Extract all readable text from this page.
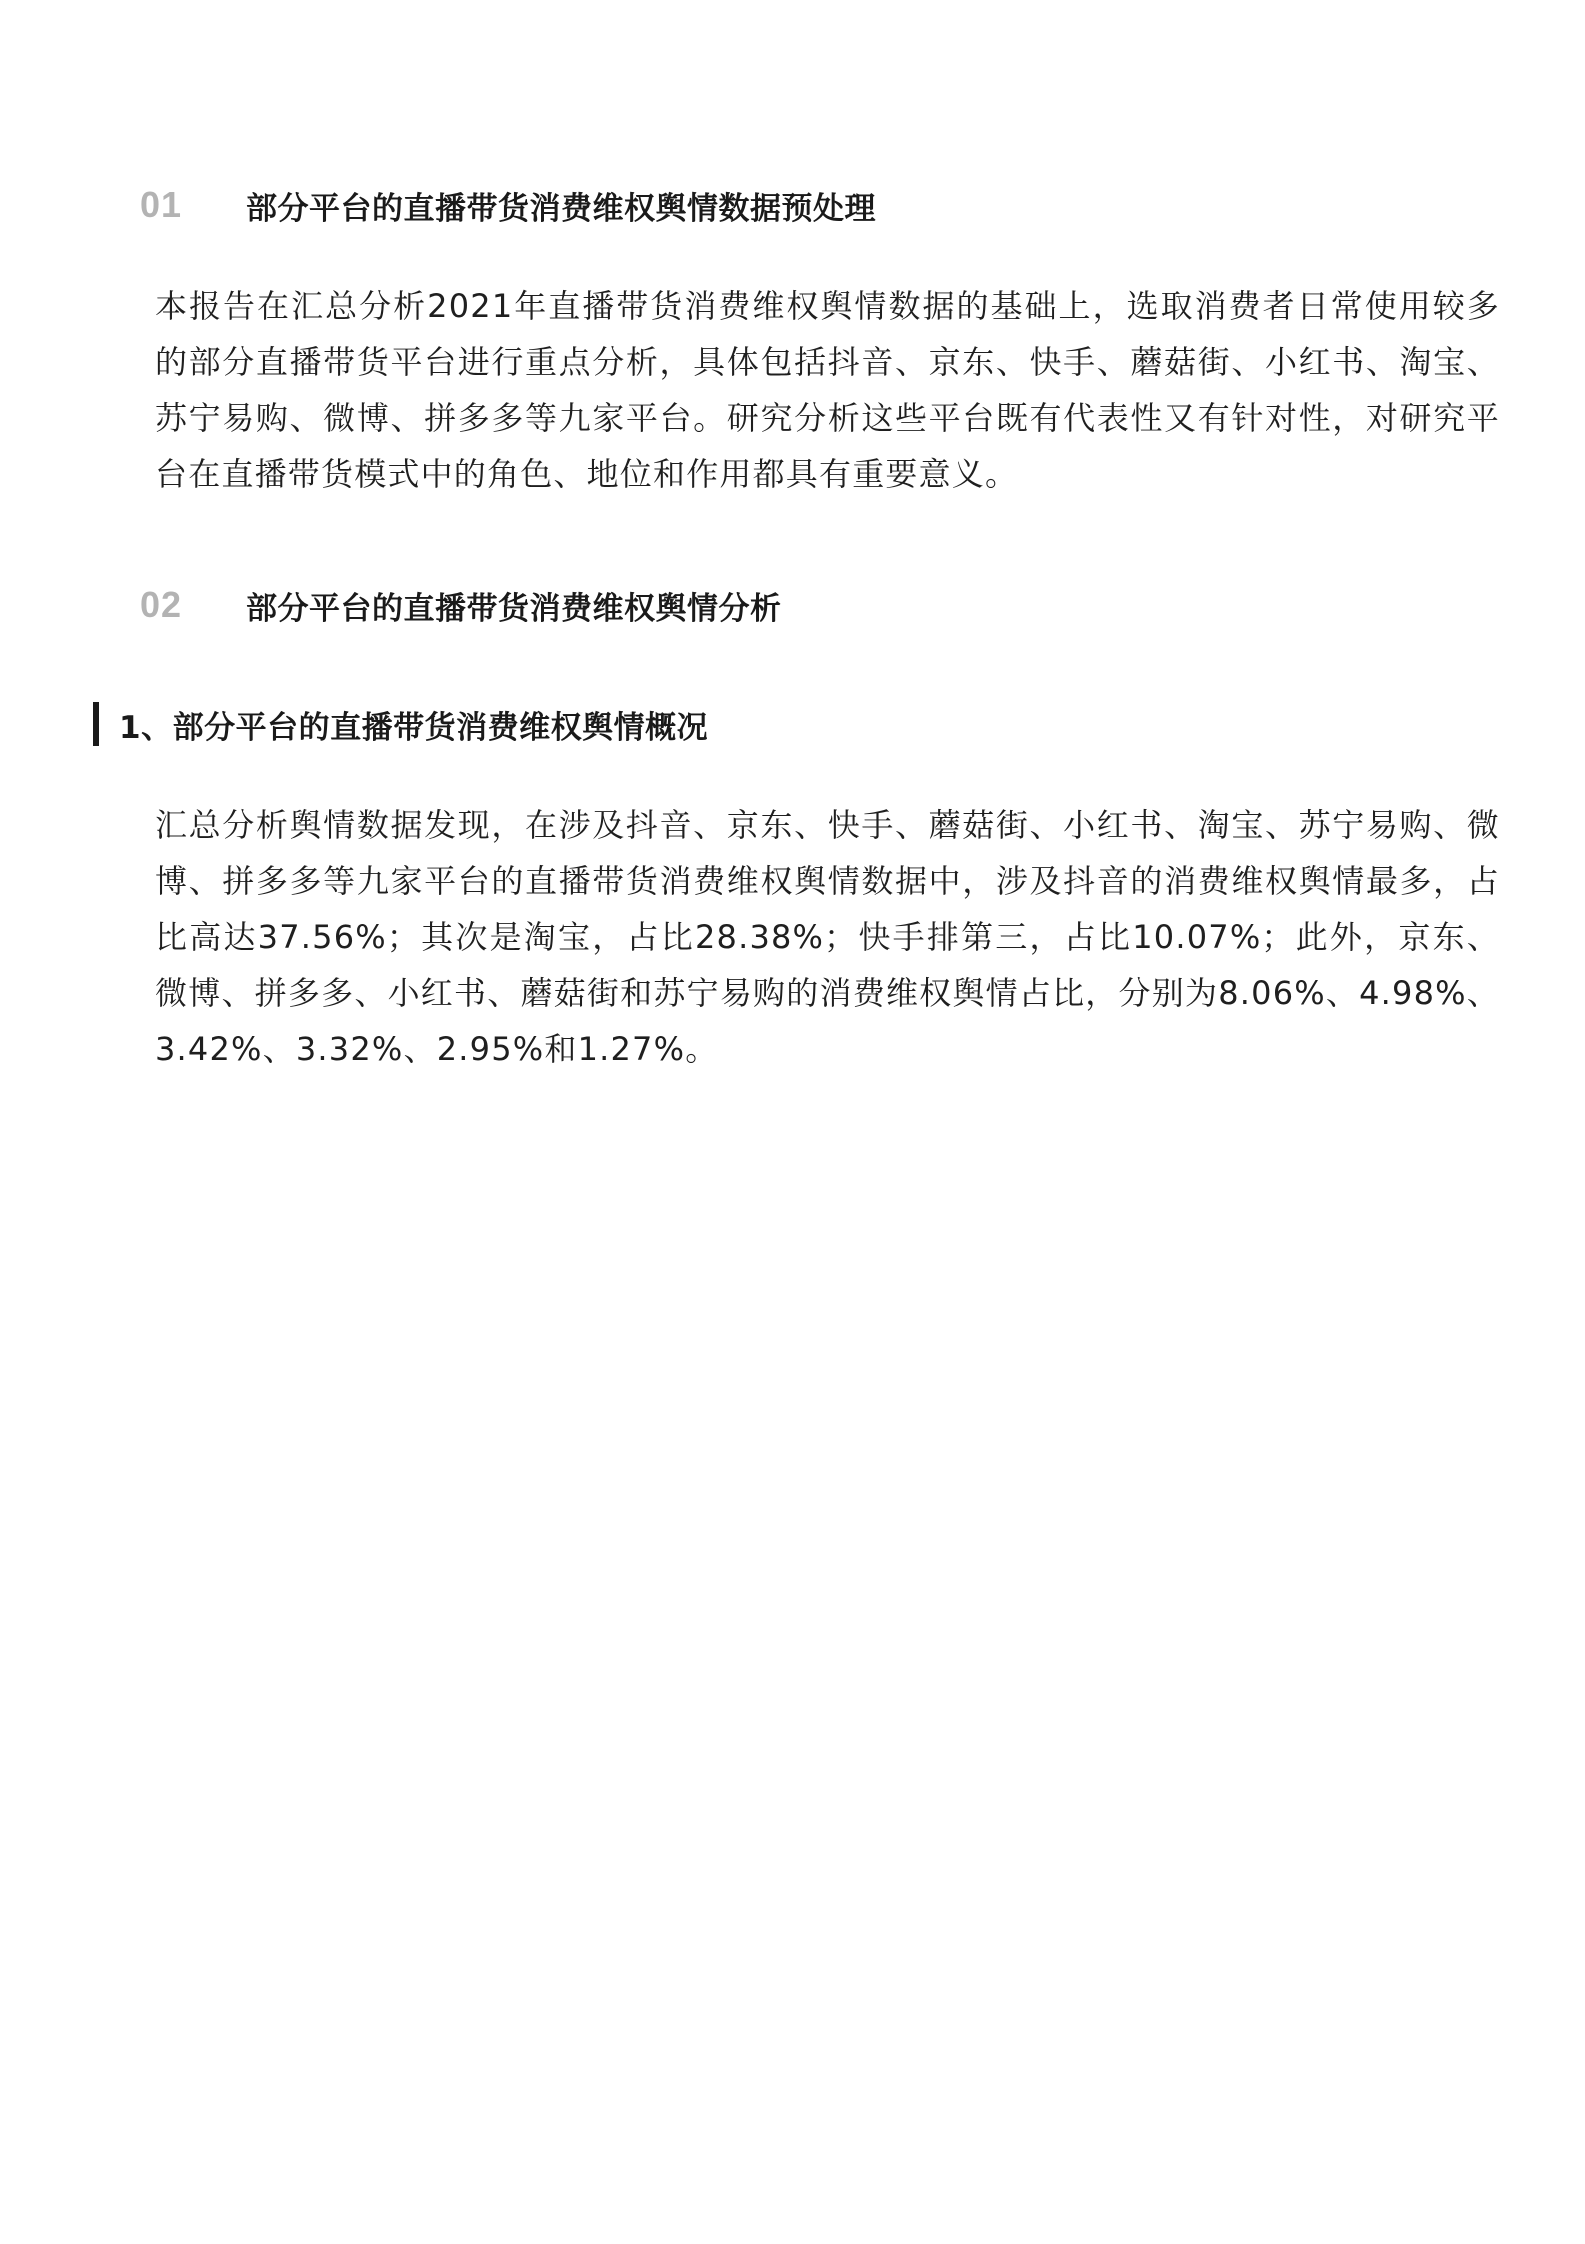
01	部分平台的直播带货消费维权舆情数据预处理

本报告在汇总分析2021年直播带货消费维权舆情数据的基础上，选取消费者日常使用较多的部分直播带货平台进行重点分析，具体包括抖音、京东、快手、蘑菇街、小红书、淘宝、苏宁易购、微博、拼多多等九家平台。研究分析这些平台既有代表性又有针对性，对研究平台在直播带货模式中的角色、地位和作用都具有重要意义。

02	部分平台的直播带货消费维权舆情分析
1、部分平台的直播带货消费维权舆情概况

汇总分析舆情数据发现，在涉及抖音、京东、快手、蘑菇街、小红书、淘宝、苏宁易购、微博、拼多多等九家平台的直播带货消费维权舆情数据中，涉及抖音的消费维权舆情最多，占比高达37.56%；其次是淘宝，占比28.38%；快手排第三，占比10.07%；此外，京东、微博、拼多多、小红书、蘑菇街和苏宁易购的消费维权舆情占比，分别为8.06%、4.98%、3.42%、3.32%、2.95%和1.27%。
